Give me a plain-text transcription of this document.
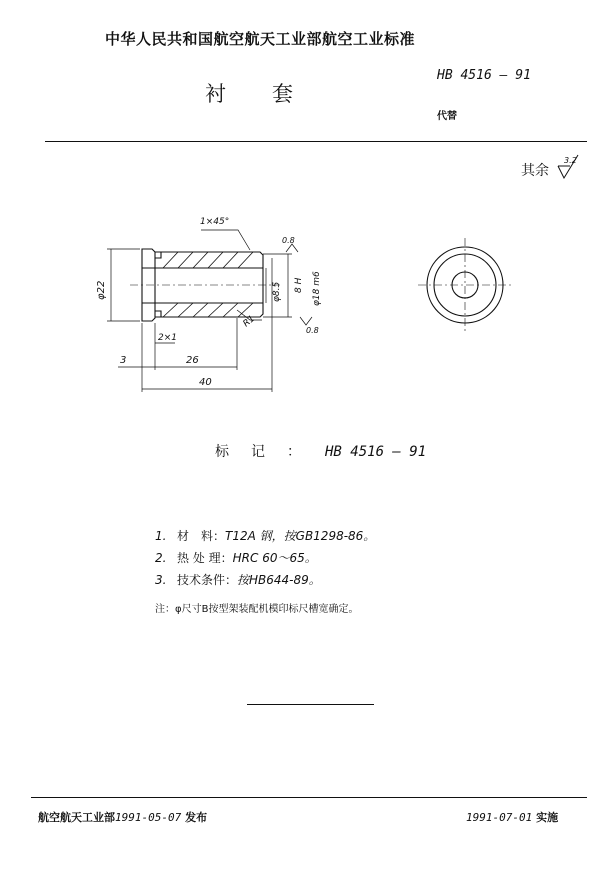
中华人民共和国航空航天工业部航空工业标准
衬套
HB 4516 — 91
代替
其余
3.2
1×45°
0.8
0.8
φ22	φ8.5 8 H φ18 m6
2×1
R1
3	26
40
标记： HB 4516 — 91
1. 材　料：T12A 钢，按GB1298-86。
2. 热 处 理：HRC 60～65。
3. 技术条件：按HB644-89。
注：φ尺寸B按型架装配机模印标尺槽宽确定。
航空航天工业部1991-05-07 发布	1991-07-01 实施
